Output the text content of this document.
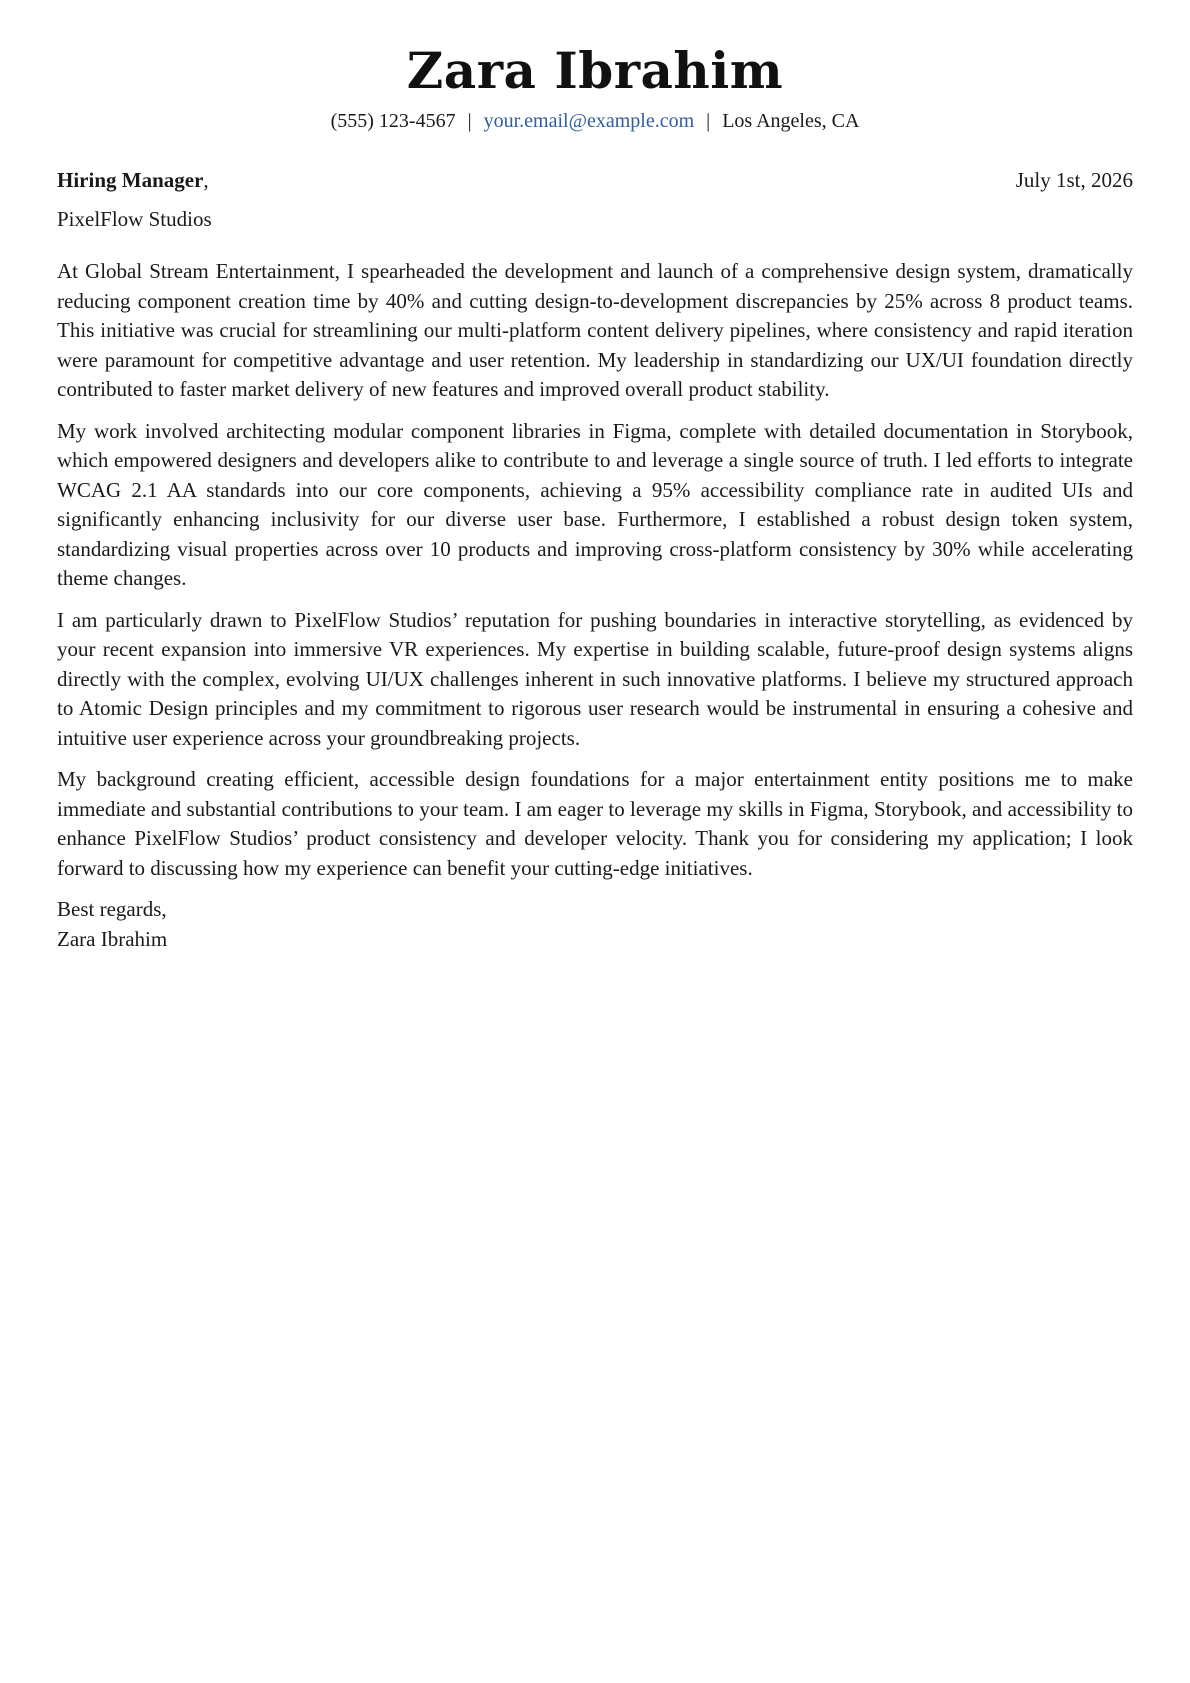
Zara Ibrahim
(555) 123-4567 | your.email@example.com | Los Angeles, CA
Hiring Manager,	July 1st, 2026
PixelFlow Studios

At Global Stream Entertainment, I spearheaded the development and launch of a comprehensive design system, dramatically reducing component creation time by 40% and cutting design-to-development discrepancies by 25% across 8 product teams. This initiative was crucial for streamlining our multi-platform content delivery pipelines, where consistency and rapid iteration were paramount for competitive advantage and user retention. My leadership in standardizing our UX/UI foundation directly contributed to faster market delivery of new features and improved overall product stability.

My work involved architecting modular component libraries in Figma, complete with detailed documentation in Storybook, which empowered designers and developers alike to contribute to and leverage a single source of truth. I led efforts to integrate WCAG 2.1 AA standards into our core components, achieving a 95% accessibility compliance rate in audited UIs and significantly enhancing inclusivity for our diverse user base. Furthermore, I established a robust design token system, standardizing visual properties across over 10 products and improving cross-platform consistency by 30% while accelerating theme changes.

I am particularly drawn to PixelFlow Studios’ reputation for pushing boundaries in interactive storytelling, as evidenced by your recent expansion into immersive VR experiences. My expertise in building scalable, future-proof design systems aligns directly with the complex, evolving UI/UX challenges inherent in such innovative platforms. I believe my structured approach to Atomic Design principles and my commitment to rigorous user research would be instrumental in ensuring a cohesive and intuitive user experience across your groundbreaking projects.

My background creating efficient, accessible design foundations for a major entertainment entity positions me to make immediate and substantial contributions to your team. I am eager to leverage my skills in Figma, Storybook, and accessibility to enhance PixelFlow Studios’ product consistency and developer velocity. Thank you for considering my application; I look forward to discussing how my experience can benefit your cutting-edge initiatives.

Best regards,
Zara Ibrahim
